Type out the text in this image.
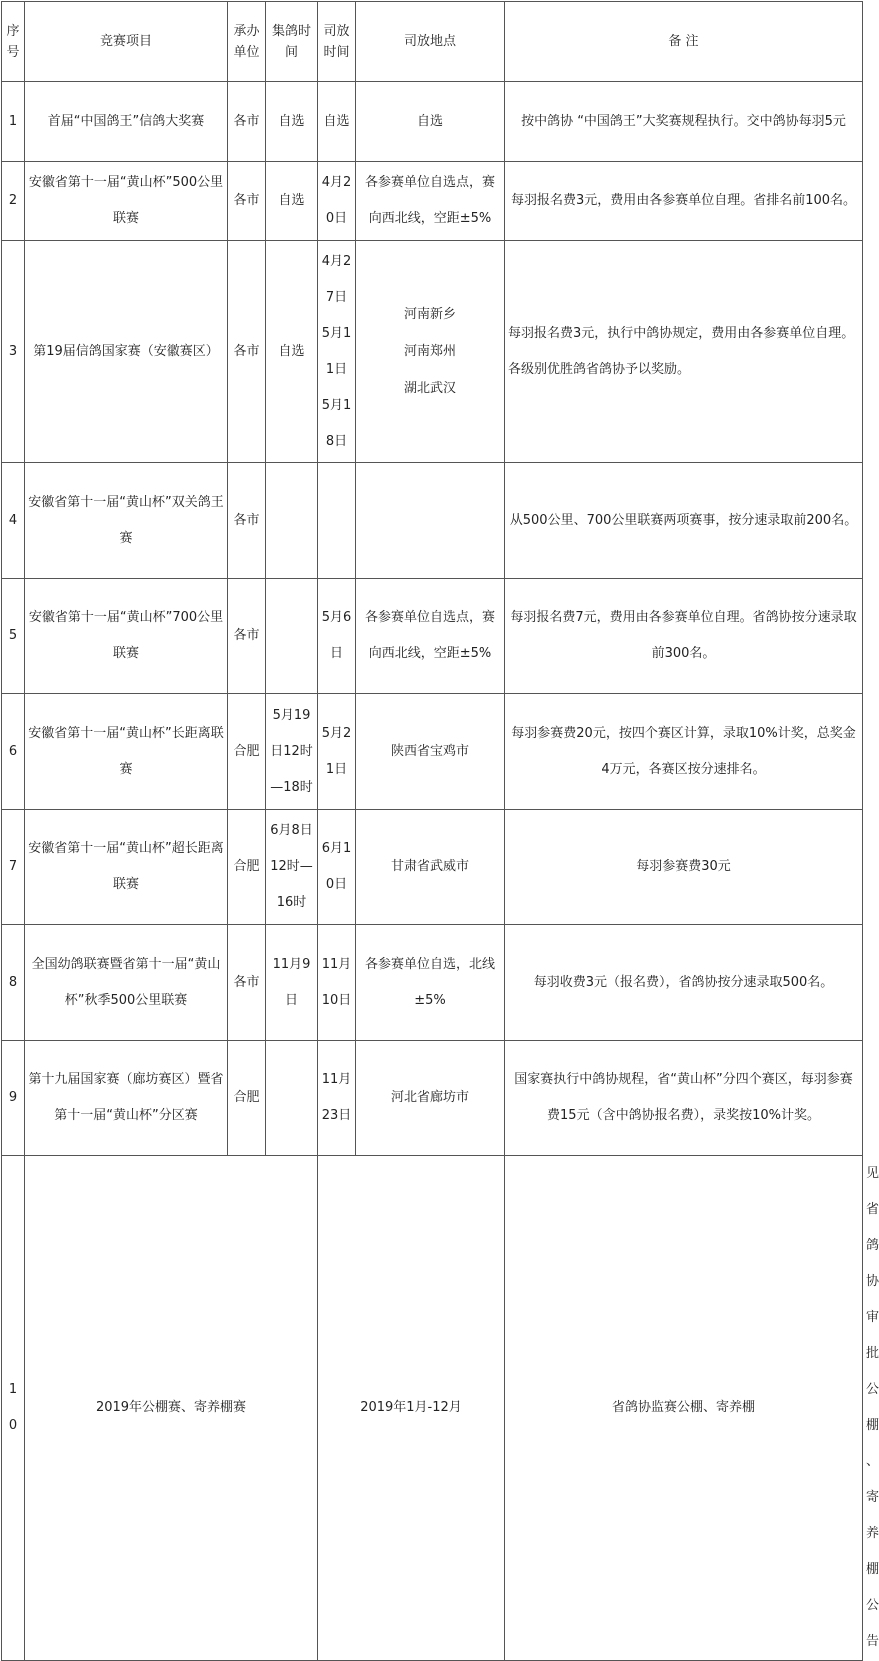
序号	竞赛项目	承办单位	集鸽时间	司放时间	司放地点	备 注	
1	首届“中国鸽王”信鸽大奖赛	各市	自选	自选	自选	按中鸽协 “中国鸽王”大奖赛规程执行。交中鸽协每羽5元	
2	安徽省第十一届“黄山杯”500公里联赛	各市	自选	4月20日	各参赛单位自选点，赛向西北线，空距±5%	每羽报名费3元，费用由各参赛单位自理。省排名前100名。	
3	第19届信鸽国家赛（安徽赛区）	各市	自选	4月27日 5月11日 5月18日	河南新乡
河南郑州
湖北武汉	每羽报名费3元，执行中鸽协规定，费用由各参赛单位自理。各级别优胜鸽省鸽协予以奖励。	
4	安徽省第十一届“黄山杯”双关鸽王赛	各市				从500公里、700公里联赛两项赛事，按分速录取前200名。	
5	安徽省第十一届“黄山杯”700公里联赛	各市		5月6日	各参赛单位自选点，赛向西北线，空距±5%	每羽报名费7元，费用由各参赛单位自理。省鸽协按分速录取前300名。	
6	安徽省第十一届“黄山杯”长距离联赛	合肥	5月19日12时—18时	5月21日	陕西省宝鸡市	每羽参赛费20元，按四个赛区计算，录取10%计奖，总奖金4万元，各赛区按分速排名。	
7	安徽省第十一届“黄山杯”超长距离联赛	合肥	6月8日12时—16时	6月10日	甘肃省武威市	每羽参赛费30元	
8	全国幼鸽联赛暨省第十一届“黄山杯”秋季500公里联赛	各市	11月9日	11月10日	各参赛单位自选，北线±5%	每羽收费3元（报名费），省鸽协按分速录取500名。	
9	第十九届国家赛（廊坊赛区）暨省第十一届“黄山杯”分区赛	合肥		11月23日	河北省廊坊市	国家赛执行中鸽协规程，省“黄山杯”分四个赛区，每羽参赛费15元（含中鸽协报名费），录奖按10%计奖。	
10	2019年公棚赛、寄养棚赛			2019年1月-12月		省鸽协监赛公棚、寄养棚	见省鸽协审批公棚、寄养棚公告
